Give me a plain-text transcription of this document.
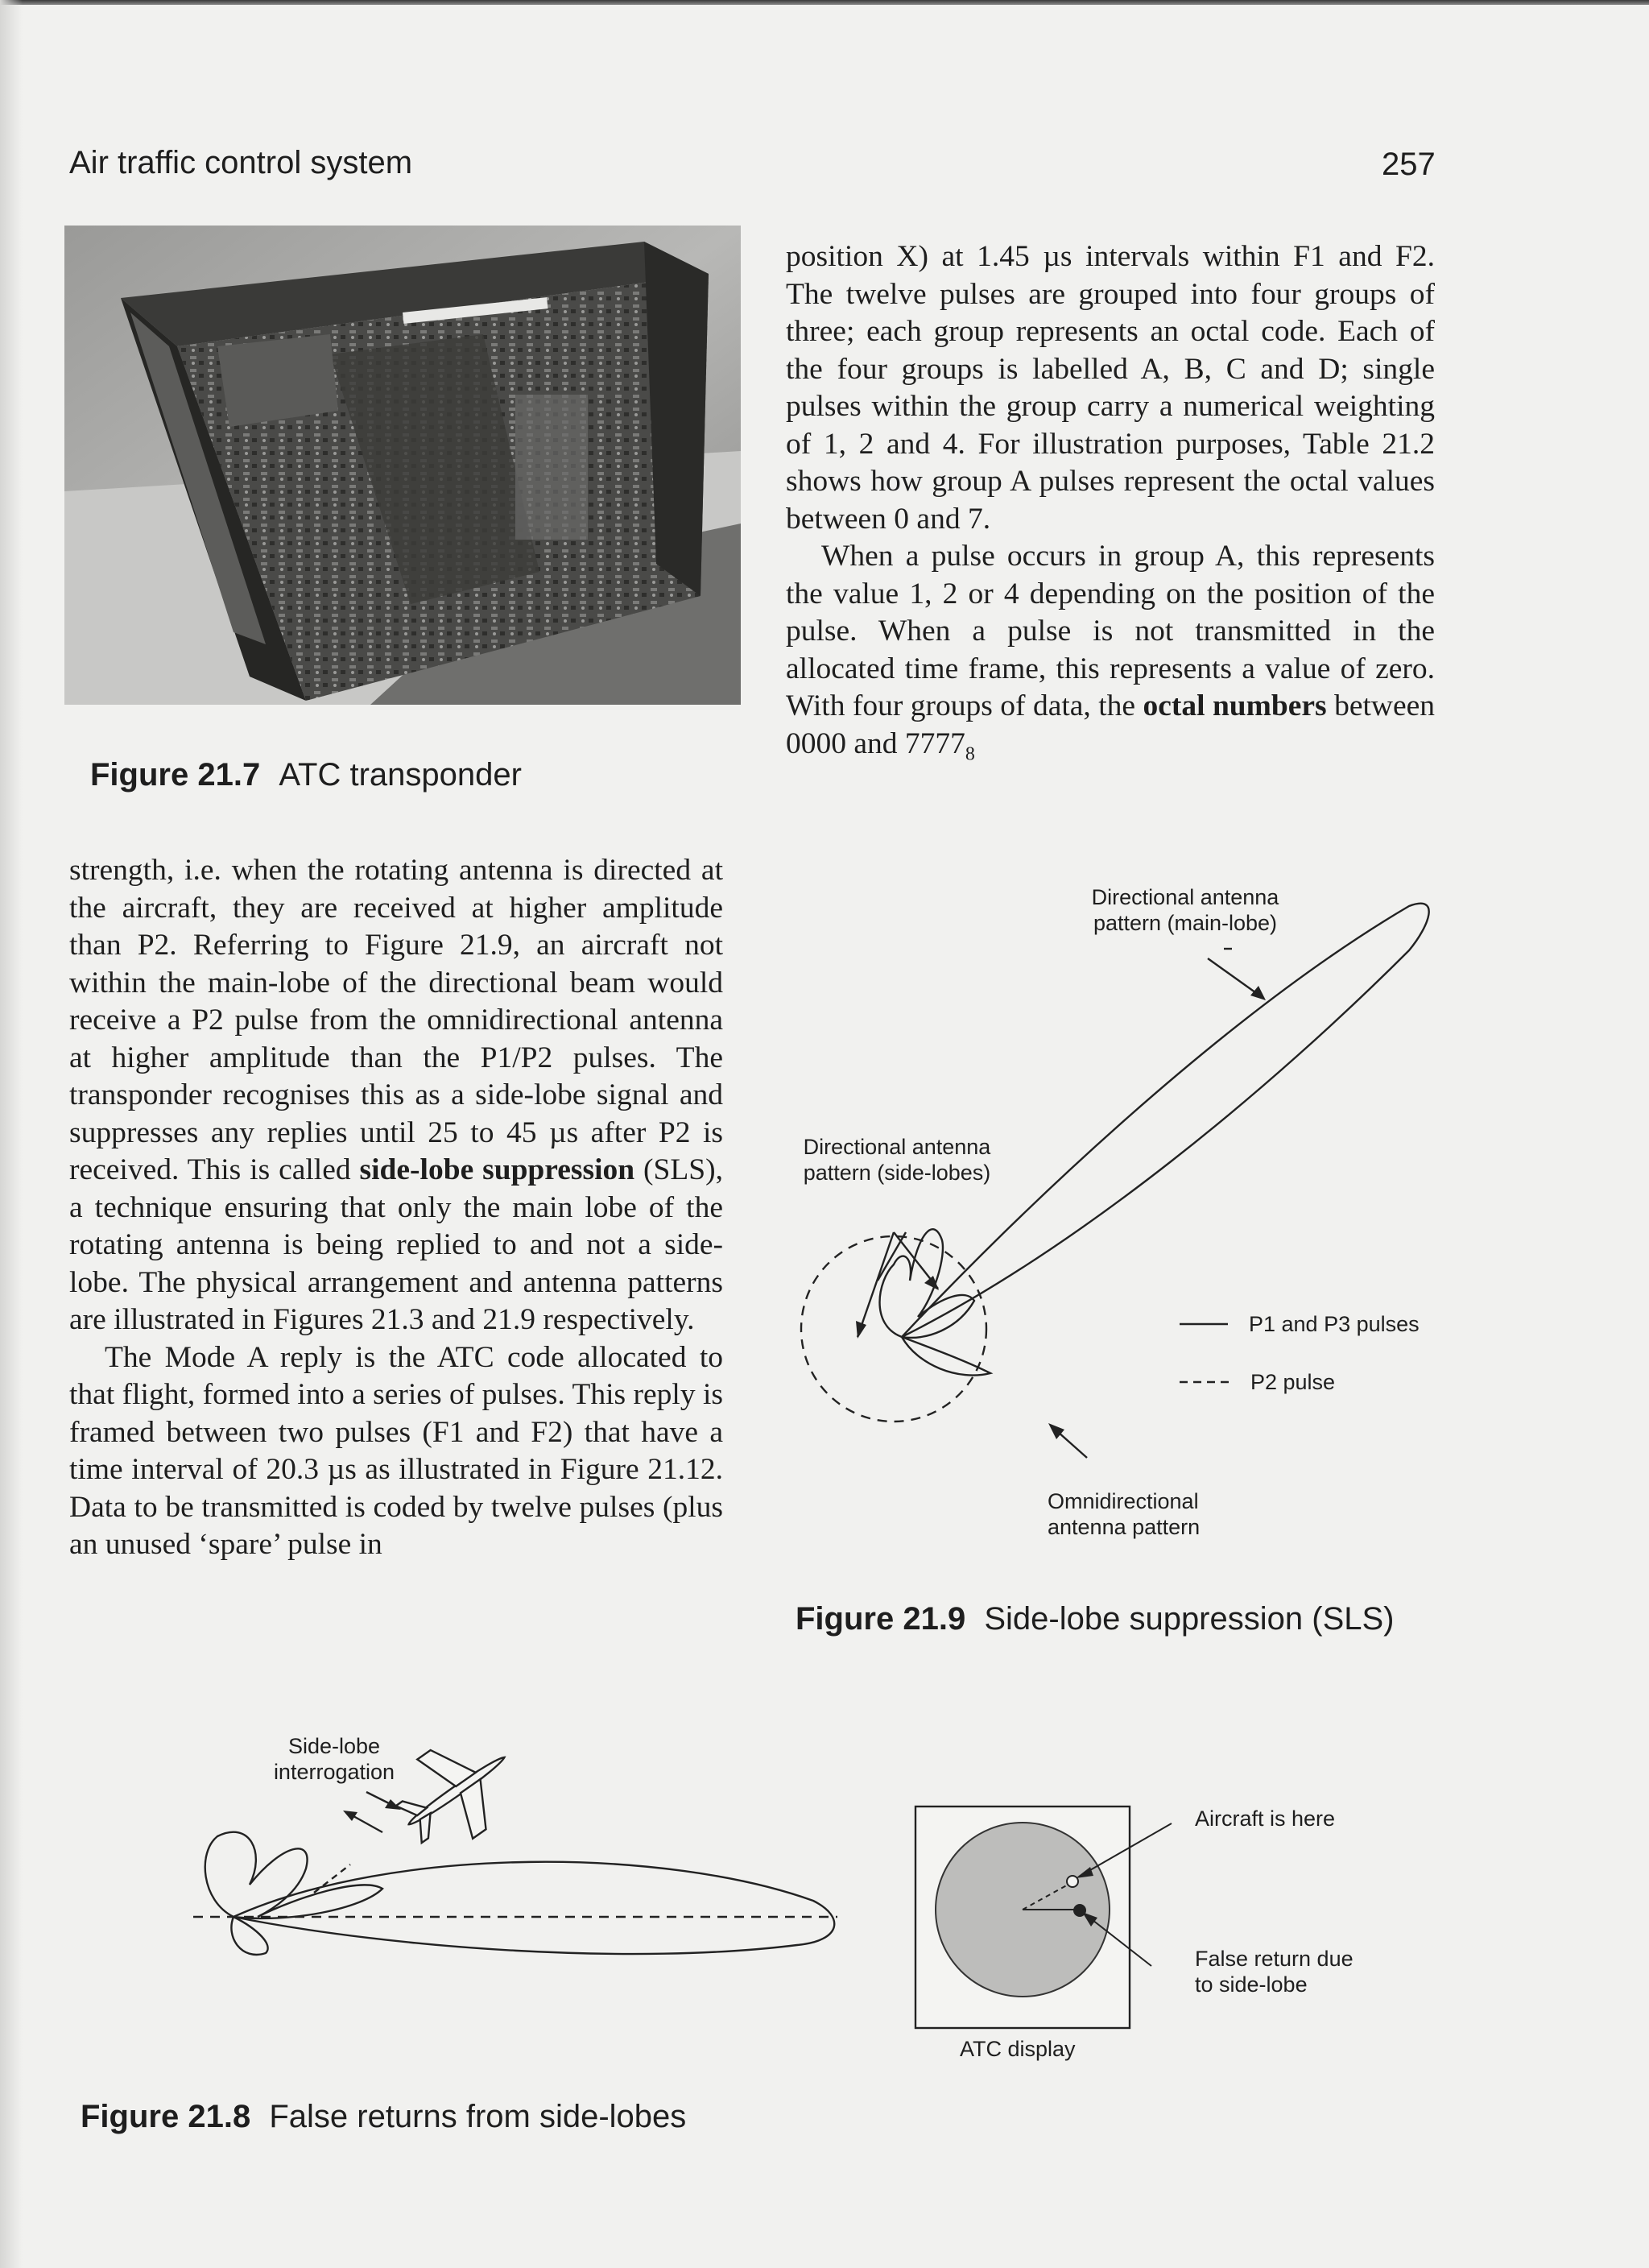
Air traffic control system	257
Figure 21.7 ATC transponder

strength, i.e. when the rotating antenna is directed at the aircraft, they are received at higher amplitude than P2. Referring to Figure 21.9, an aircraft not within the main-lobe of the directional beam would receive a P2 pulse from the omnidirectional antenna at higher amplitude than the P1/P2 pulses. The transponder recognises this as a side-lobe signal and suppresses any replies until 25 to 45 µs after P2 is received. This is called side-lobe suppression (SLS), a technique ensuring that only the main lobe of the rotating antenna is being replied to and not a side-lobe. The physical arrangement and antenna patterns are illustrated in Figures 21.3 and 21.9 respectively.

The Mode A reply is the ATC code allocated to that flight, formed into a series of pulses. This reply is framed between two pulses (F1 and F2) that have a time interval of 20.3 µs as illustrated in Figure 21.12. Data to be transmitted is coded by twelve pulses (plus an unused ‘spare’ pulse in

position X) at 1.45 µs intervals within F1 and F2. The twelve pulses are grouped into four groups of three; each group represents an octal code. Each of the four groups is labelled A, B, C and D; single pulses within the group carry a numerical weighting of 1, 2 and 4. For illustration purposes, Table 21.2 shows how group A pulses represent the octal values between 0 and 7.

When a pulse occurs in group A, this represents the value 1, 2 or 4 depending on the position of the pulse. When a pulse is not transmitted in the allocated time frame, this represents a value of zero. With four groups of data, the octal numbers between 0000 and $7777_8$

Directional antenna
pattern (main-lobe)
Directional antenna
pattern (side-lobes)
P1 and P3 pulses
P2 pulse
Omnidirectional
antenna pattern
Figure 21.9 Side-lobe suppression (SLS)
Side-lobe
interrogation
Figure 21.8 False returns from side-lobes
Aircraft is here
False return due
to side-lobe
ATC display
